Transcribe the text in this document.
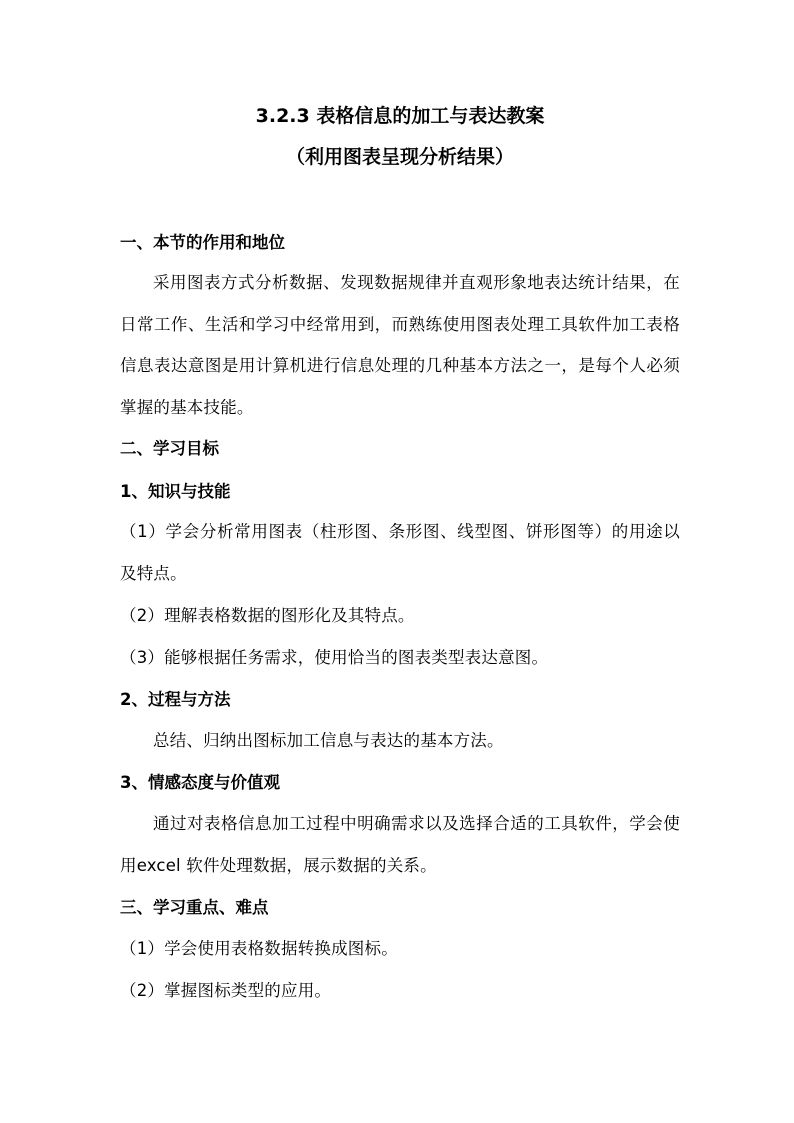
3.2.3 表格信息的加工与表达教案
（利用图表呈现分析结果）
一、本节的作用和地位

采用图表方式分析数据、发现数据规律并直观形象地表达统计结果，在日常工作、生活和学习中经常用到，而熟练使用图表处理工具软件加工表格信息表达意图是用计算机进行信息处理的几种基本方法之一，是每个人必须掌握的基本技能。

二、学习目标
1、知识与技能

（1）学会分析常用图表（柱形图、条形图、线型图、饼形图等）的用途以及特点。

（2）理解表格数据的图形化及其特点。

（3）能够根据任务需求，使用恰当的图表类型表达意图。

2、过程与方法

总结、归纳出图标加工信息与表达的基本方法。

3、情感态度与价值观

通过对表格信息加工过程中明确需求以及选择合适的工具软件，学会使用excel 软件处理数据，展示数据的关系。

三、学习重点、难点

（1）学会使用表格数据转换成图标。

（2）掌握图标类型的应用。
